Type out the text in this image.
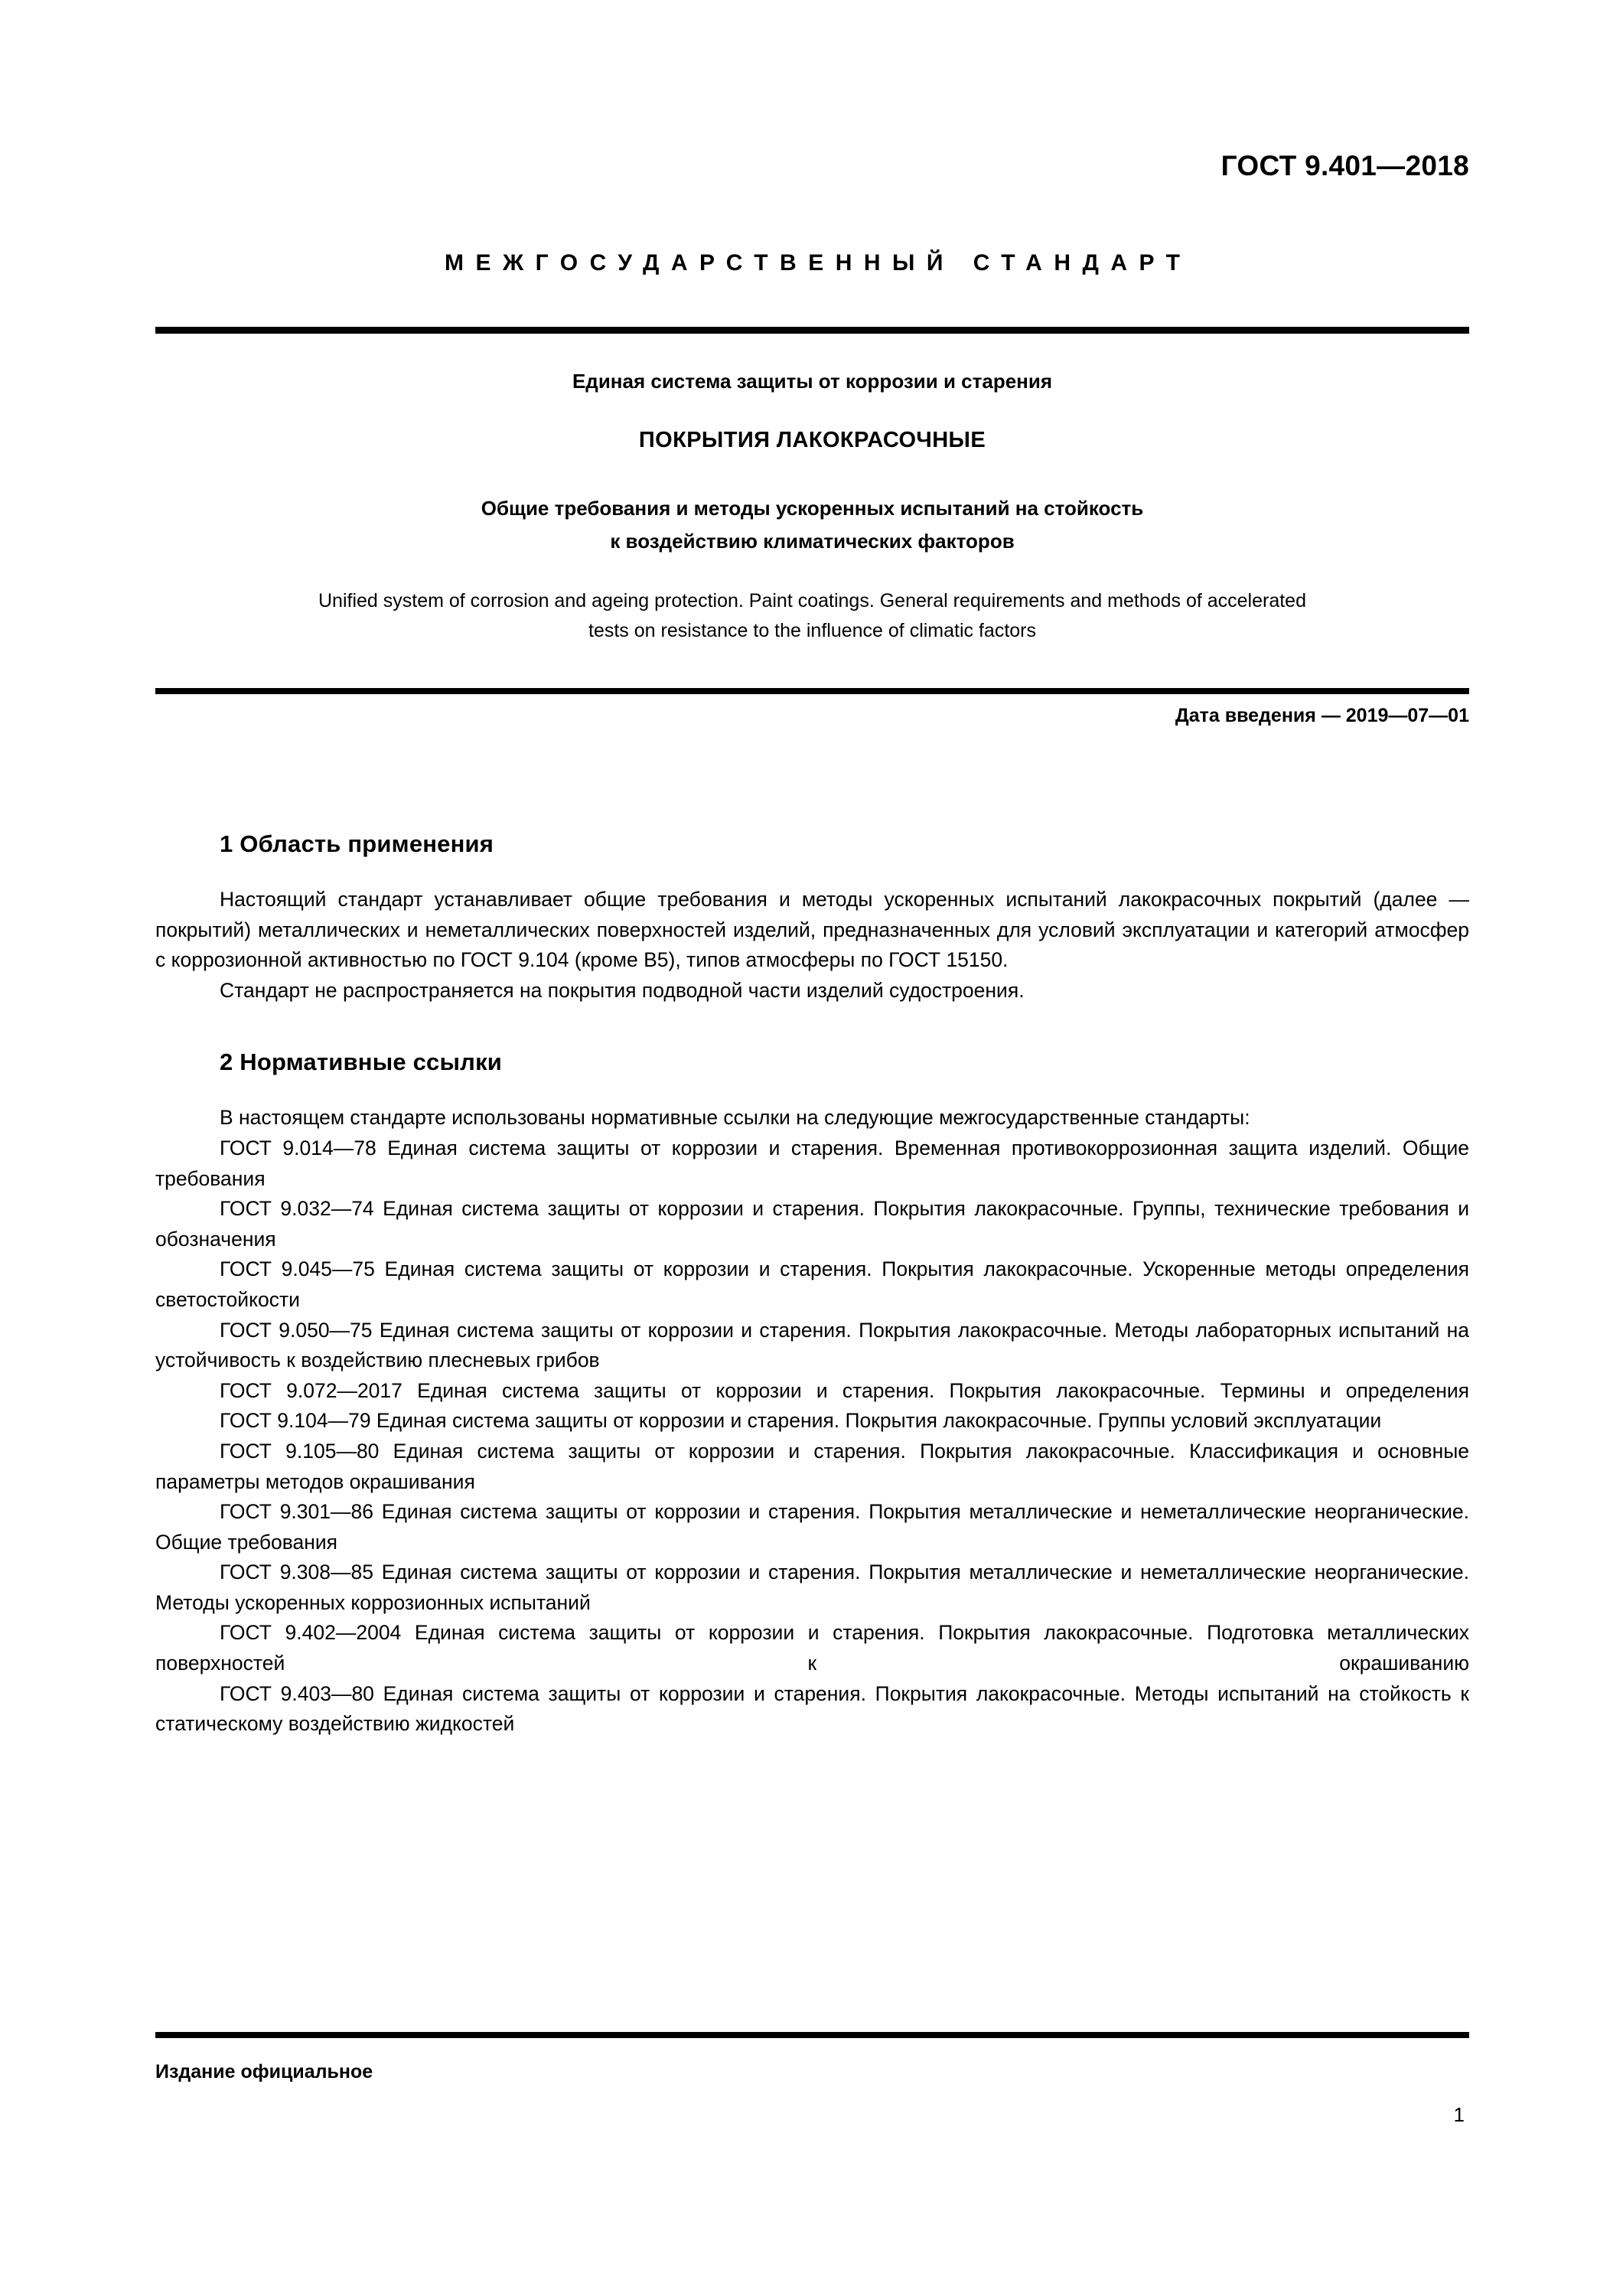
ГОСТ 9.401—2018
МЕЖГОСУДАРСТВЕННЫЙ СТАНДАРТ
Единая система защиты от коррозии и старения
ПОКРЫТИЯ ЛАКОКРАСОЧНЫЕ
Общие требования и методы ускоренных испытаний на стойкость
к воздействию климатических факторов
Unified system of corrosion and ageing protection. Paint coatings. General requirements and methods of accelerated
tests on resistance to the influence of climatic factors
Дата введения — 2019—07—01
1 Область применения

Настоящий стандарт устанавливает общие требования и методы ускоренных испытаний лакокрасочных покрытий (далее — покрытий) металлических и неметаллических поверхностей изделий, предназначенных для условий эксплуатации и категорий атмосфер с коррозионной активностью по ГОСТ 9.104 (кроме В5), типов атмосферы по ГОСТ 15150.

Стандарт не распространяется на покрытия подводной части изделий судостроения.

2 Нормативные ссылки

В настоящем стандарте использованы нормативные ссылки на следующие межгосударственные стандарты:

ГОСТ 9.014—78 Единая система защиты от коррозии и старения. Временная противокоррозионная защита изделий. Общие требования

ГОСТ 9.032—74 Единая система защиты от коррозии и старения. Покрытия лакокрасочные. Группы, технические требования и обозначения

ГОСТ 9.045—75 Единая система защиты от коррозии и старения. Покрытия лакокрасочные. Ускоренные методы определения светостойкости

ГОСТ 9.050—75 Единая система защиты от коррозии и старения. Покрытия лакокрасочные. Методы лабораторных испытаний на устойчивость к воздействию плесневых грибов

ГОСТ 9.072—2017 Единая система защиты от коррозии и старения. Покрытия лакокрасочные. Термины и определения

ГОСТ 9.104—79 Единая система защиты от коррозии и старения. Покрытия лакокрасочные. Группы условий эксплуатации

ГОСТ 9.105—80 Единая система защиты от коррозии и старения. Покрытия лакокрасочные. Классификация и основные параметры методов окрашивания

ГОСТ 9.301—86 Единая система защиты от коррозии и старения. Покрытия металлические и неметаллические неорганические. Общие требования

ГОСТ 9.308—85 Единая система защиты от коррозии и старения. Покрытия металлические и неметаллические неорганические. Методы ускоренных коррозионных испытаний

ГОСТ 9.402—2004 Единая система защиты от коррозии и старения. Покрытия лакокрасочные. Подготовка металлических поверхностей к окрашиванию

ГОСТ 9.403—80 Единая система защиты от коррозии и старения. Покрытия лакокрасочные. Методы испытаний на стойкость к статическому воздействию жидкостей

Издание официальное
1
